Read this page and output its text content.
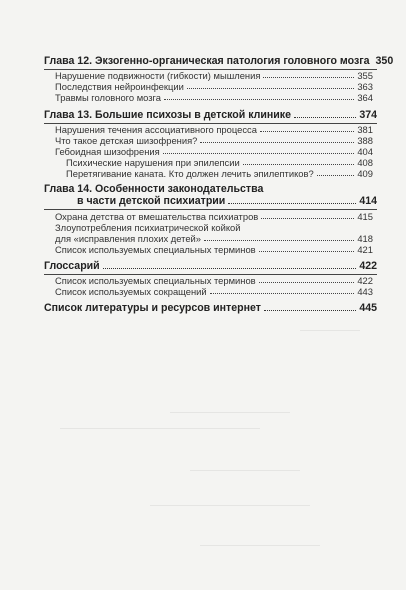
Глава 12. Экзогенно-органическая патология головного мозга 350
Нарушение подвижности (гибкости) мышления	355
Последствия нейроинфекции	363
Травмы головного мозга	364
Глава 13. Большие психозы в детской клинике	374
Нарушения течения ассоциативного процесса	381
Что такое детская шизофрения?	388
Гебоидная шизофрения	404
Психические нарушения при эпилепсии	408
Перетягивание каната. Кто должен лечить эпилептиков?	409
Глава 14. Особенности законодательства
в части детской психиатрии	414
Охрана детства от вмешательства психиатров	415
Злоупотребления психиатрической койкой
для «исправления плохих детей»	418
Список используемых специальных терминов	421
Глоссарий	422
Список используемых специальных терминов	422
Список используемых сокращений	443
Список литературы и ресурсов интернет	445
